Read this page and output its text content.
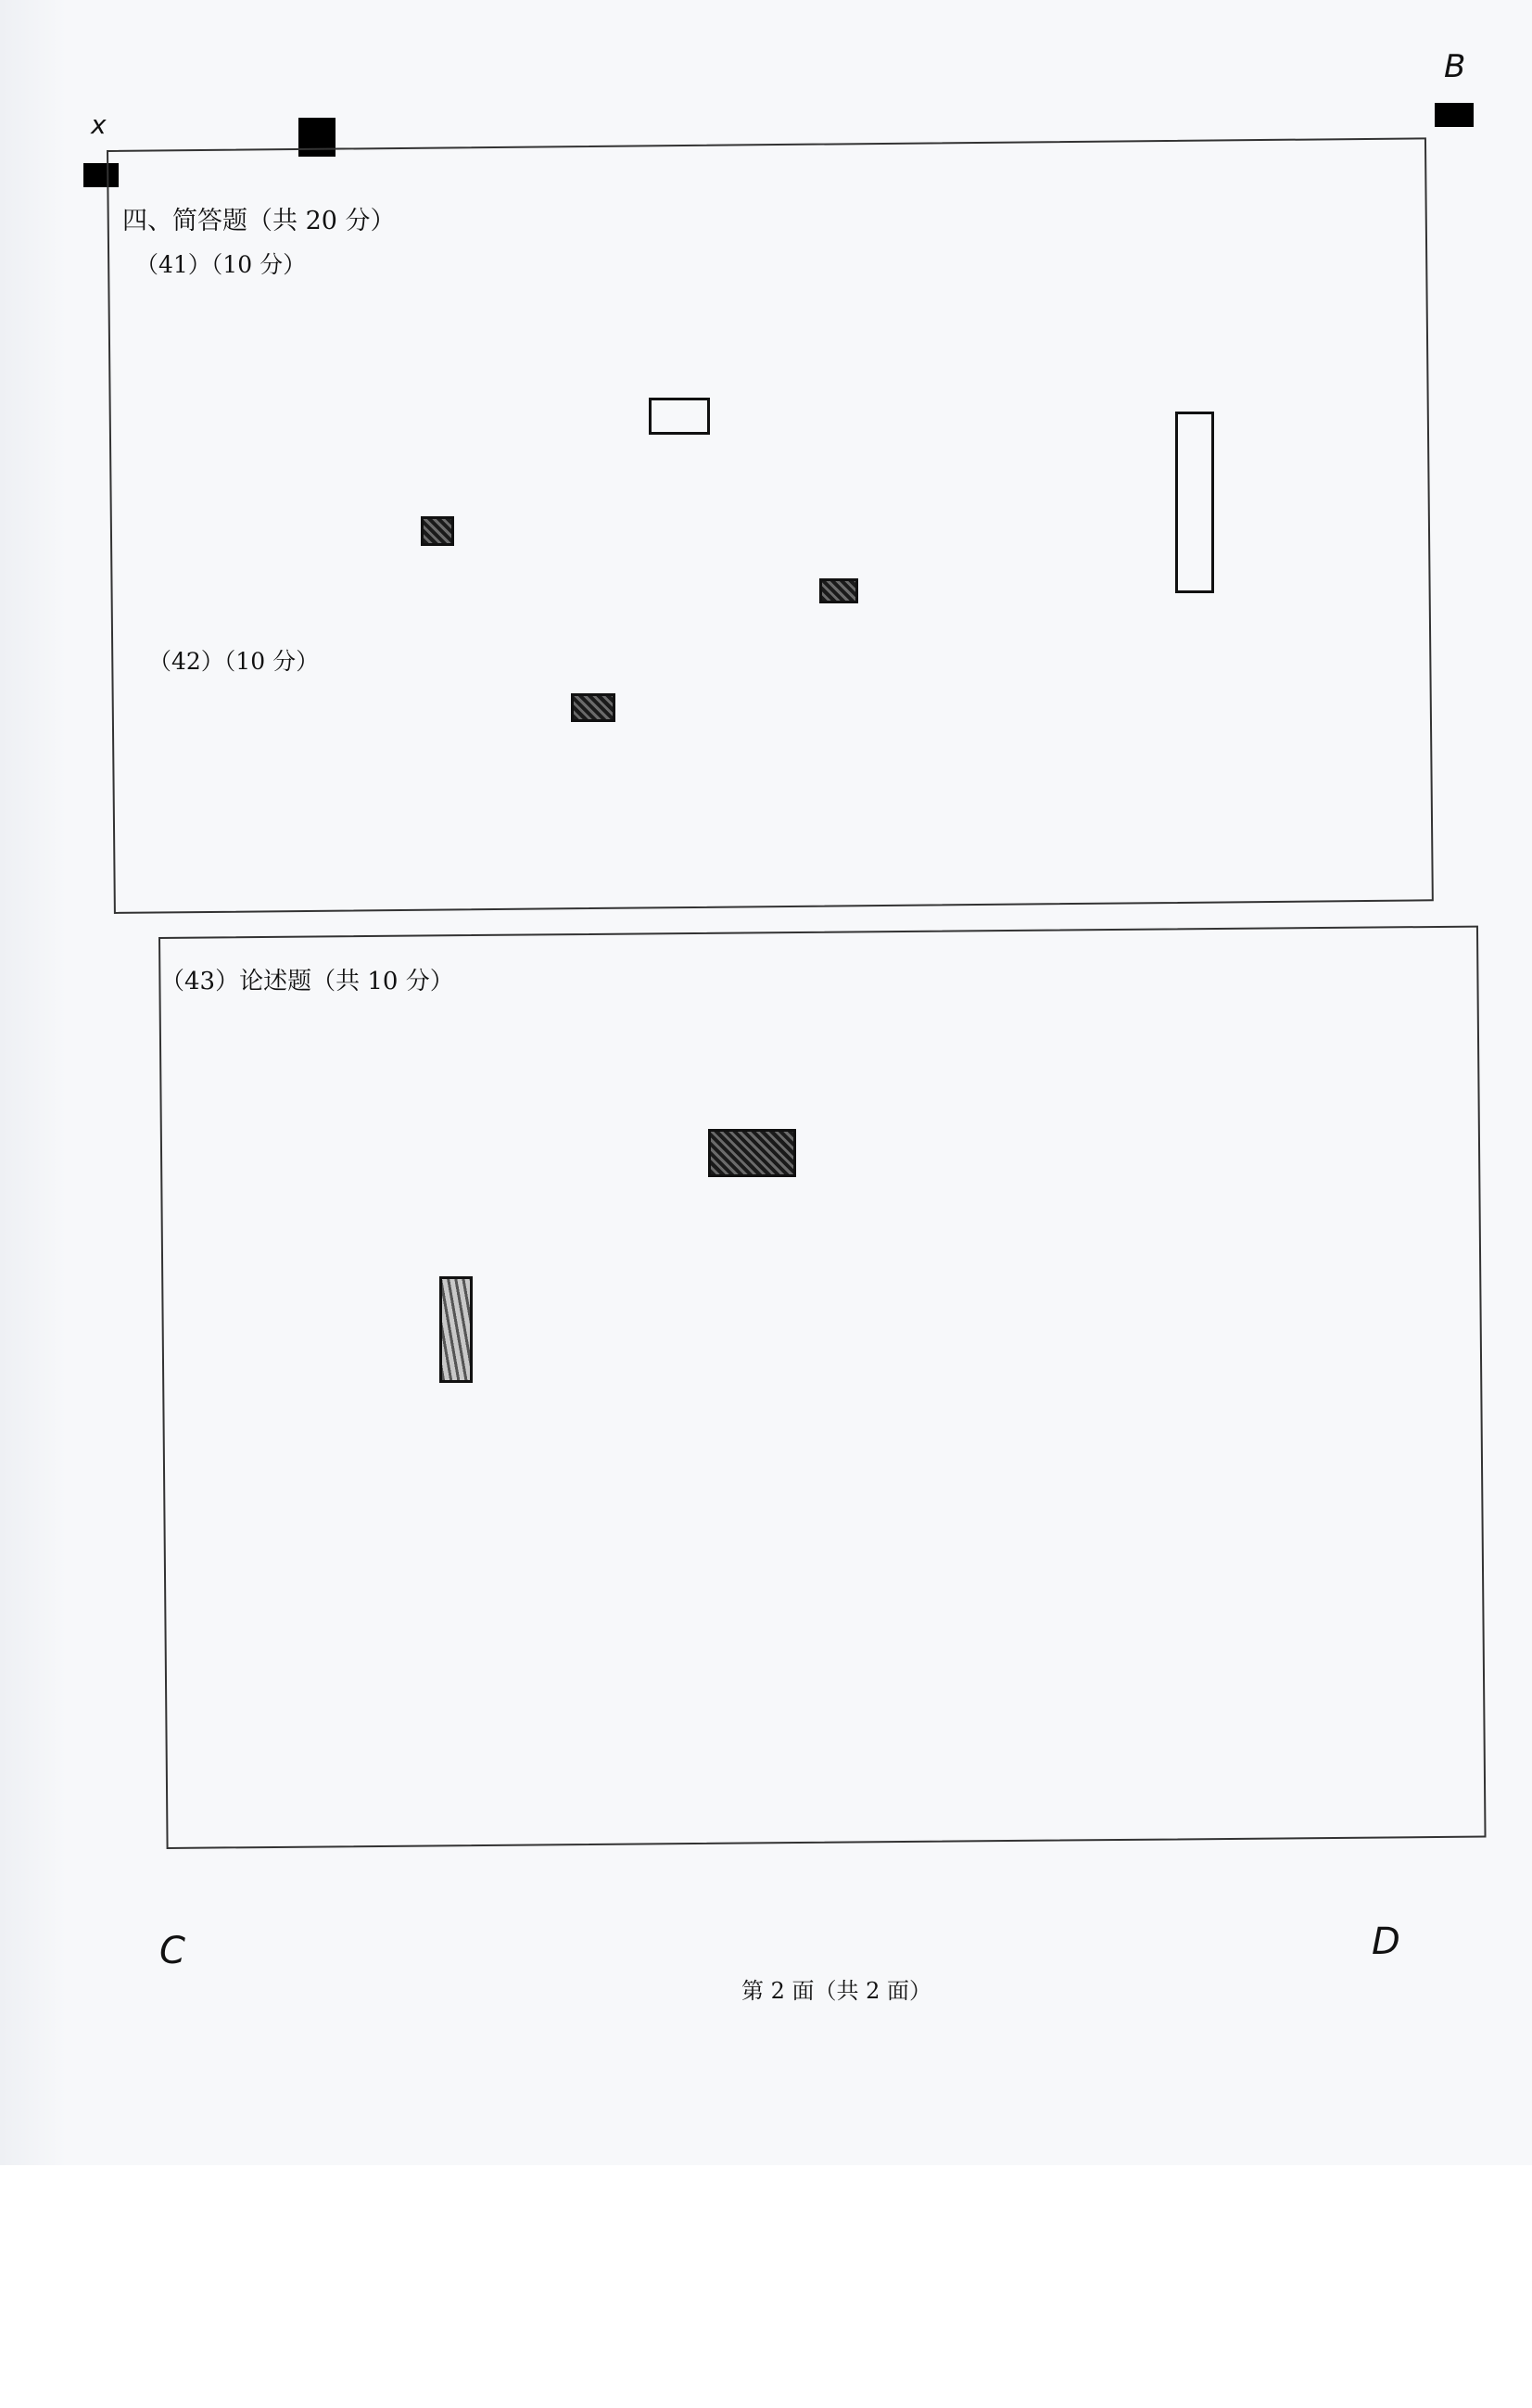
х
B
C	D
四、简答题（共 20 分）
（41）（10 分）
（42）（10 分）
（43）论述题（共 10 分）
第 2 面（共 2 面）
